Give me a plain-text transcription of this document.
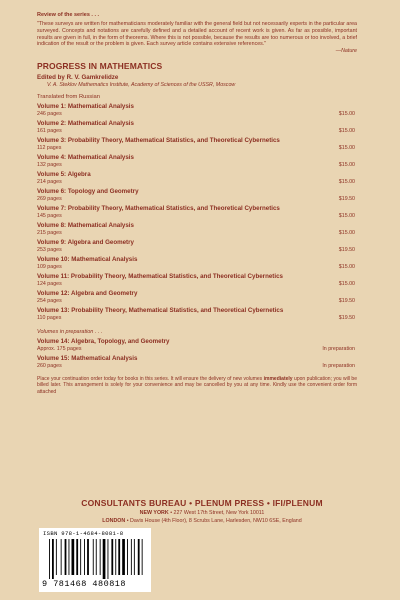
Review of the series . . .
"These surveys are written for mathematicians moderately familiar with the general field but not necessarily experts in the particular area surveyed. Concepts and notations are carefully defined and a detailed account of recent work is given. As far as possible, important results are given in full, in the form of theorems. Where this is not possible, because the results are too numerous or too involved, a brief indication of the result or the problem is given. Each survey article contains extensive references."
—Nature
PROGRESS IN MATHEMATICS
Edited by R. V. Gamkrelidze
V. A. Steklov Mathematics Institute, Academy of Sciences of the USSR, Moscow
Translated from Russian
Volume 1: Mathematical Analysis
246 pages	$15.00
Volume 2: Mathematical Analysis
161 pages	$15.00
Volume 3: Probability Theory, Mathematical Statistics, and Theoretical Cybernetics
112 pages	$15.00
Volume 4: Mathematical Analysis
132 pages	$15.00
Volume 5: Algebra
214 pages	$15.00
Volume 6: Topology and Geometry
269 pages	$19.50
Volume 7: Probability Theory, Mathematical Statistics, and Theoretical Cybernetics
145 pages	$15.00
Volume 8: Mathematical Analysis
215 pages	$15.00
Volume 9: Algebra and Geometry
253 pages	$19.50
Volume 10: Mathematical Analysis
109 pages	$15.00
Volume 11: Probability Theory, Mathematical Statistics, and Theoretical Cybernetics
124 pages	$15.00
Volume 12: Algebra and Geometry
254 pages	$19.50
Volume 13: Probability Theory, Mathematical Statistics, and Theoretical Cybernetics
110 pages	$19.50
Volumes in preparation . . .
Volume 14: Algebra, Topology, and Geometry
Approx. 175 pages	In preparation
Volume 15: Mathematical Analysis
260 pages	In preparation
Place your continuation order today for books in this series. It will ensure the delivery of new volumes immediately upon publication; you will be billed later. This arrangement is solely for your convenience and may be cancelled by you at any time. Kindly use the convenient order form attached
CONSULTANTS BUREAU • PLENUM PRESS • IFI/PLENUM
NEW YORK • 227 West 17th Street, New York 10011
LONDON • Davis House (4th Floor), 8 Scrubs Lane, Harlesden, NW10 6SE, England
ISBN 978-1-4684-8081-8
9 781468 480818
